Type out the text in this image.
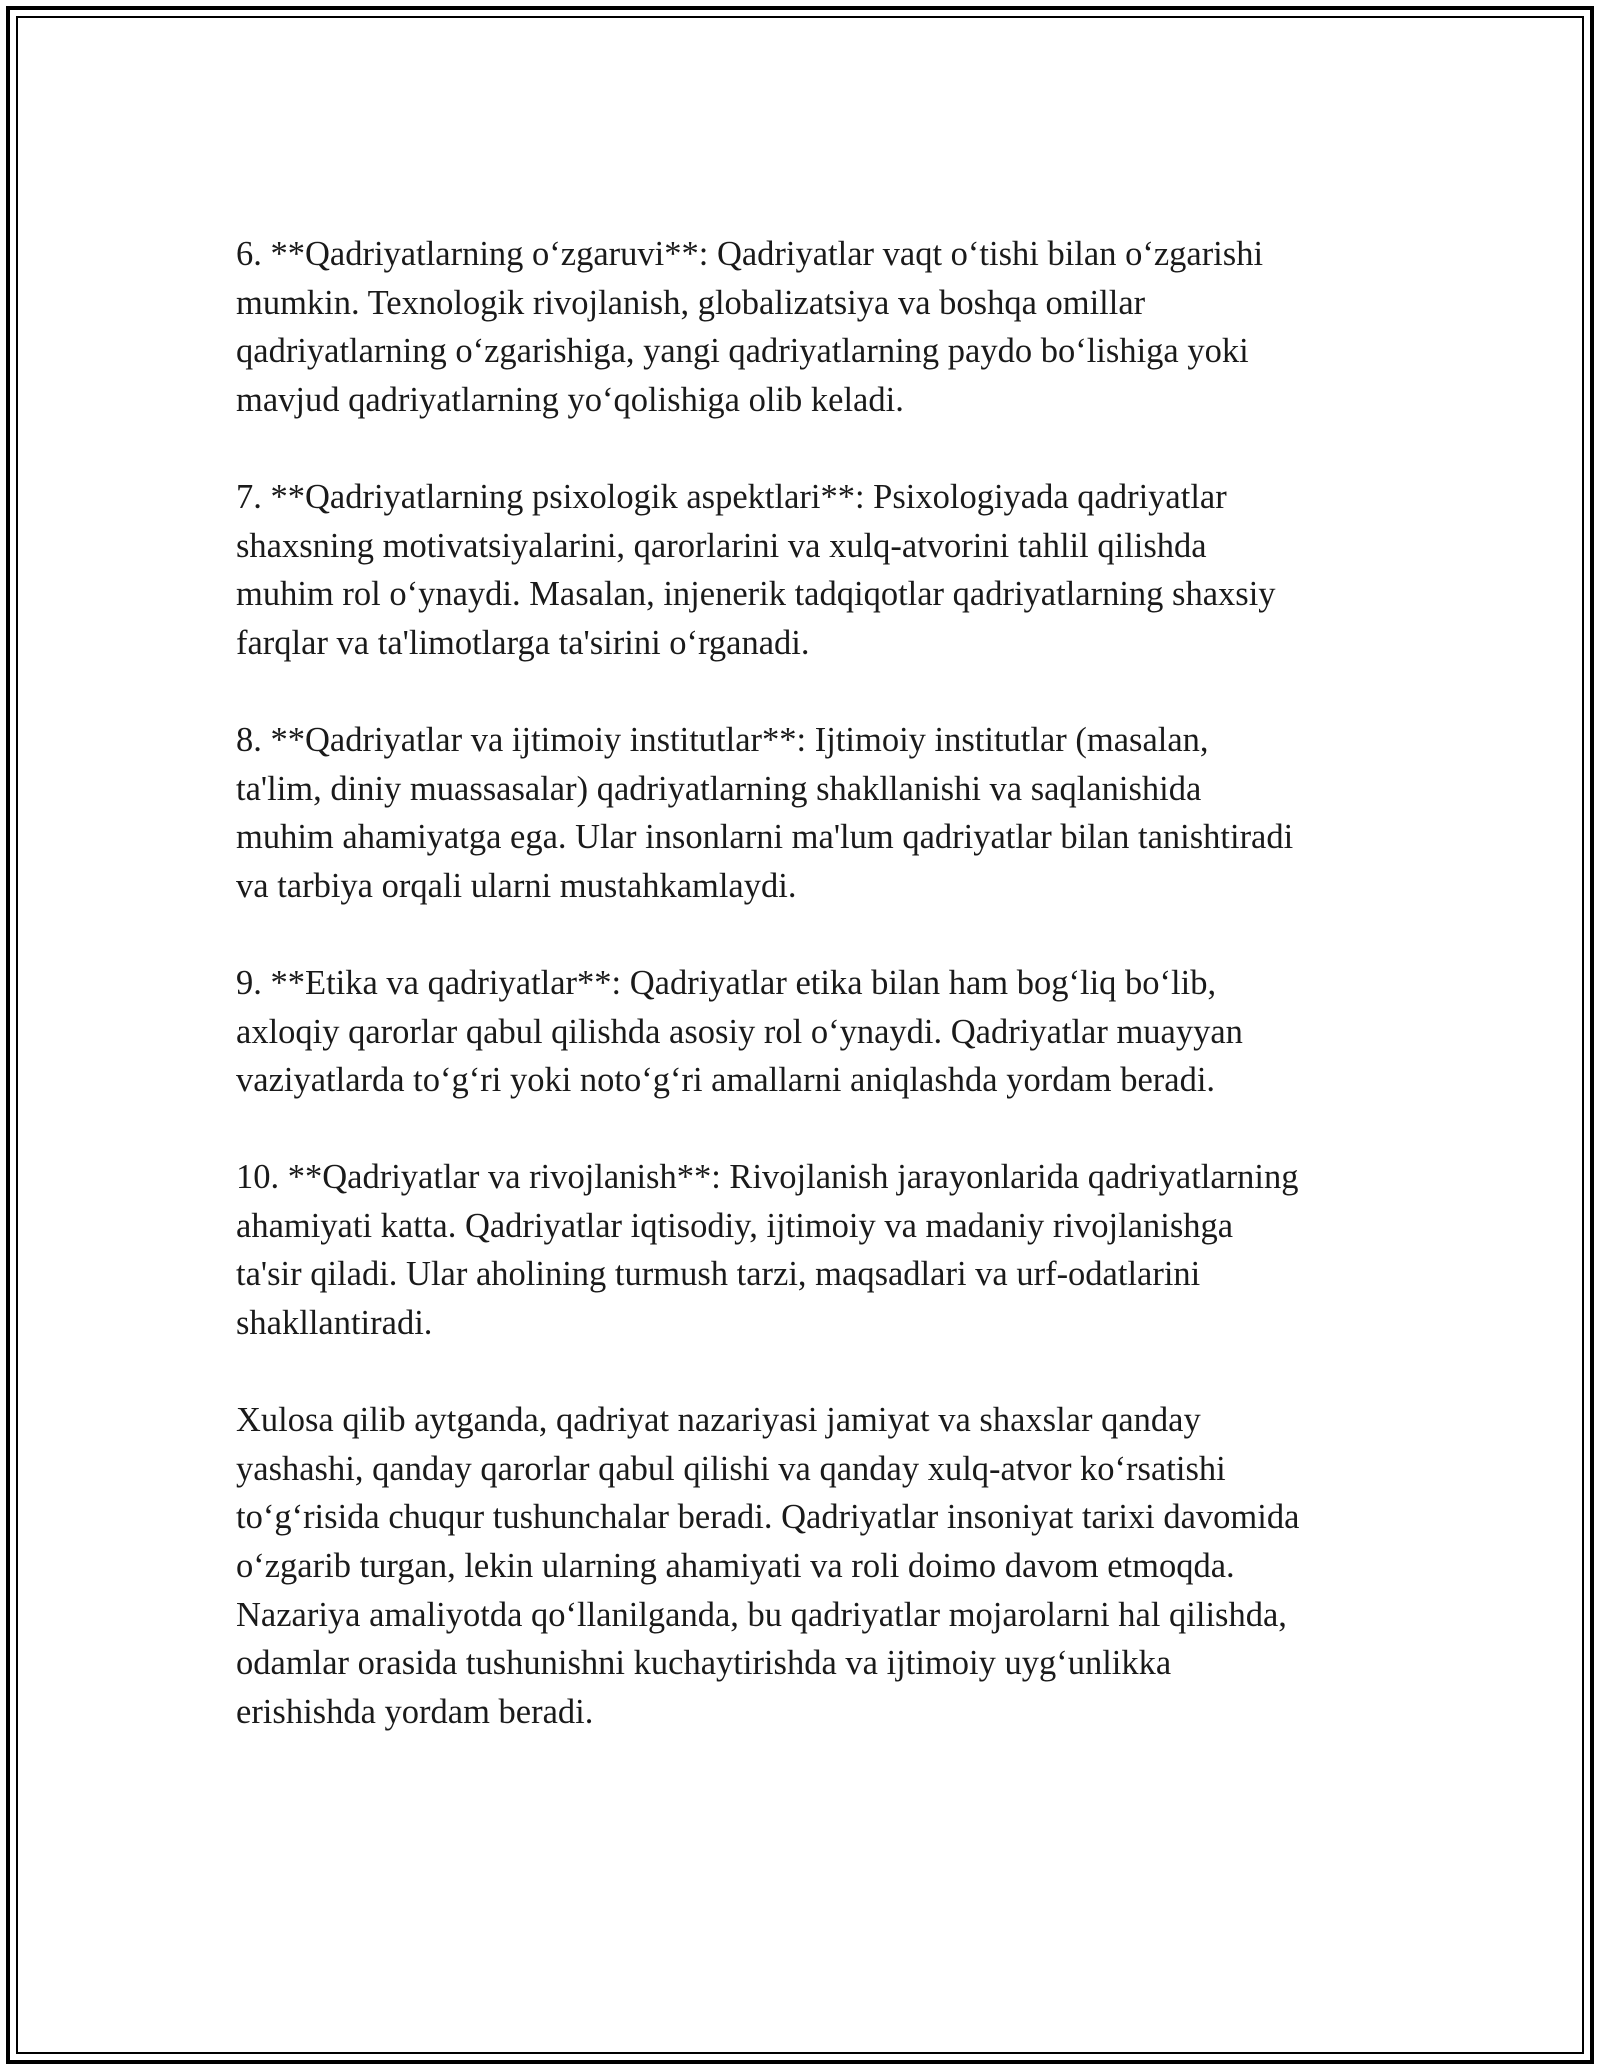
6. **Qadriyatlarning o‘zgaruvi**: Qadriyatlar vaqt o‘tishi bilan o‘zgarishi
mumkin. Texnologik rivojlanish, globalizatsiya va boshqa omillar
qadriyatlarning o‘zgarishiga, yangi qadriyatlarning paydo bo‘lishiga yoki
mavjud qadriyatlarning yo‘qolishiga olib keladi.
7. **Qadriyatlarning psixologik aspektlari**: Psixologiyada qadriyatlar
shaxsning motivatsiyalarini, qarorlarini va xulq-atvorini tahlil qilishda
muhim rol o‘ynaydi. Masalan, injenerik tadqiqotlar qadriyatlarning shaxsiy
farqlar va ta'limotlarga ta'sirini o‘rganadi.
8. **Qadriyatlar va ijtimoiy institutlar**: Ijtimoiy institutlar (masalan,
ta'lim, diniy muassasalar) qadriyatlarning shakllanishi va saqlanishida
muhim ahamiyatga ega. Ular insonlarni ma'lum qadriyatlar bilan tanishtiradi
va tarbiya orqali ularni mustahkamlaydi.
9. **Etika va qadriyatlar**: Qadriyatlar etika bilan ham bog‘liq bo‘lib,
axloqiy qarorlar qabul qilishda asosiy rol o‘ynaydi. Qadriyatlar muayyan
vaziyatlarda to‘g‘ri yoki noto‘g‘ri amallarni aniqlashda yordam beradi.
10. **Qadriyatlar va rivojlanish**: Rivojlanish jarayonlarida qadriyatlarning
ahamiyati katta. Qadriyatlar iqtisodiy, ijtimoiy va madaniy rivojlanishga
ta'sir qiladi. Ular aholining turmush tarzi, maqsadlari va urf-odatlarini
shakllantiradi.
Xulosa qilib aytganda, qadriyat nazariyasi jamiyat va shaxslar qanday
yashashi, qanday qarorlar qabul qilishi va qanday xulq-atvor ko‘rsatishi
to‘g‘risida chuqur tushunchalar beradi. Qadriyatlar insoniyat tarixi davomida
o‘zgarib turgan, lekin ularning ahamiyati va roli doimo davom etmoqda.
Nazariya amaliyotda qo‘llanilganda, bu qadriyatlar mojarolarni hal qilishda,
odamlar orasida tushunishni kuchaytirishda va ijtimoiy uyg‘unlikka
erishishda yordam beradi.
